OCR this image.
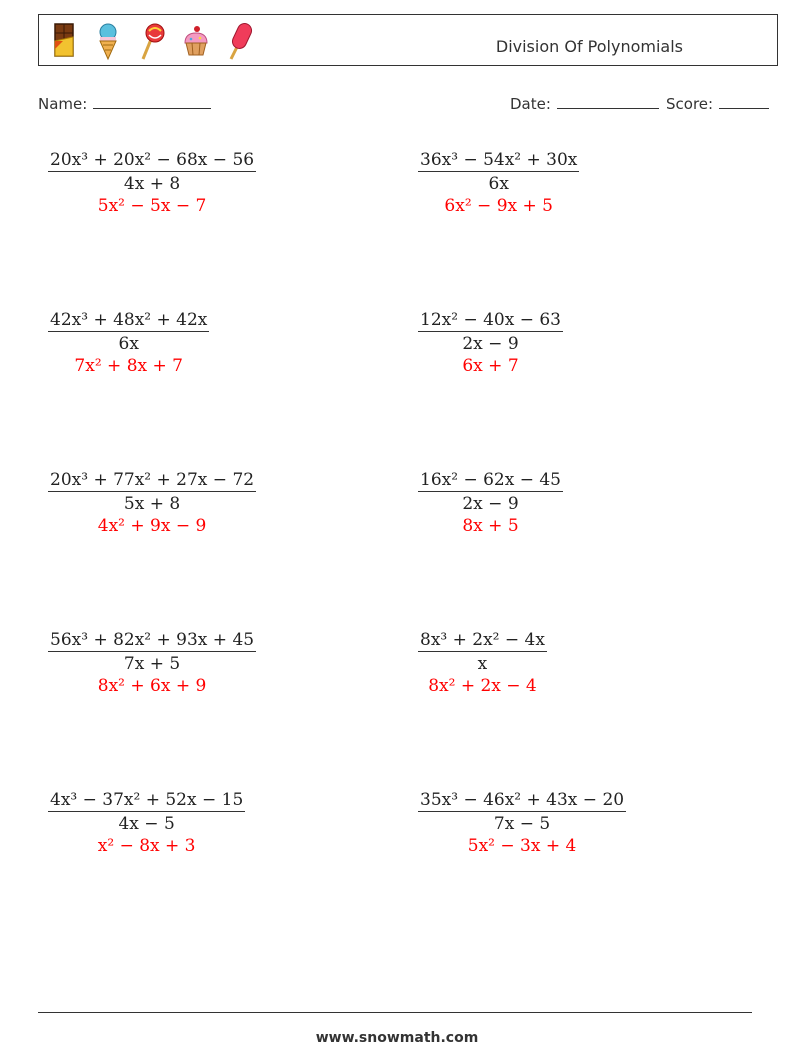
Division Of Polynomials
Name:	Date:	Score:
20x³ + 20x² − 68x − 56
4x + 8
5x² − 5x − 7
42x³ + 48x² + 42x
6x
7x² + 8x + 7
20x³ + 77x² + 27x − 72
5x + 8
4x² + 9x − 9
56x³ + 82x² + 93x + 45
7x + 5
8x² + 6x + 9
4x³ − 37x² + 52x − 15
4x − 5
x² − 8x + 3
36x³ − 54x² + 30x
6x
6x² − 9x + 5
12x² − 40x − 63
2x − 9
6x + 7
16x² − 62x − 45
2x − 9
8x + 5
8x³ + 2x² − 4x
x
8x² + 2x − 4
35x³ − 46x² + 43x − 20
7x − 5
5x² − 3x + 4
www.snowmath.com
